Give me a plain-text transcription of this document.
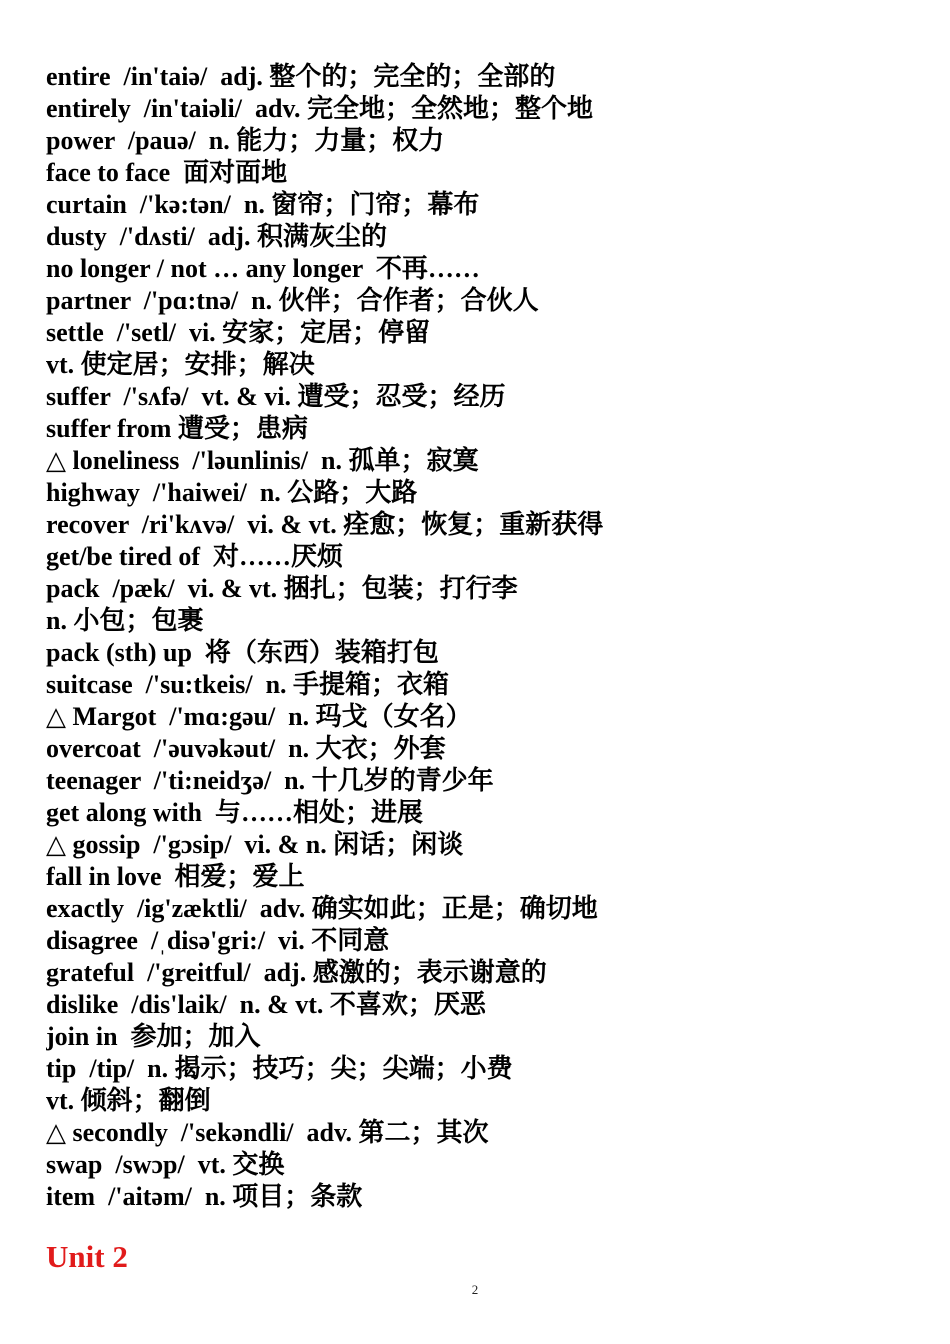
entire  /in'taiə/  adj. 整个的；完全的；全部的
entirely  /in'taiəli/  adv. 完全地；全然地；整个地
power  /pauə/  n. 能力；力量；权力
face to face  面对面地
curtain  /'kə:tən/  n. 窗帘；门帘；幕布
dusty  /'dʌsti/  adj. 积满灰尘的
no longer / not … any longer  不再……
partner  /'pɑ:tnə/  n. 伙伴；合作者；合伙人
settle  /'setl/  vi. 安家；定居；停留
vt. 使定居；安排；解决
suffer  /'sʌfə/  vt. & vi. 遭受；忍受；经历
suffer from 遭受；患病
△ loneliness  /'ləunlinis/  n. 孤单；寂寞
highway  /'haiwei/  n. 公路；大路
recover  /ri'kʌvə/  vi. & vt. 痊愈；恢复；重新获得
get/be tired of  对……厌烦
pack  /pæk/  vi. & vt. 捆扎；包装；打行李
n. 小包；包裹
pack (sth) up  将（东西）装箱打包
suitcase  /'su:tkeis/  n. 手提箱；衣箱
△ Margot  /'mɑ:gəu/  n. 玛戈（女名）
overcoat  /'əuvəkəut/  n. 大衣；外套
teenager  /'ti:neidʒə/  n. 十几岁的青少年
get along with  与……相处；进展
△ gossip  /'gɔsip/  vi. & n. 闲话；闲谈
fall in love  相爱；爱上
exactly  /ig'zæktli/  adv. 确实如此；正是；确切地
disagree  /ˌdisə'gri:/  vi. 不同意
grateful  /'greitful/  adj. 感激的；表示谢意的
dislike  /dis'laik/  n. & vt. 不喜欢；厌恶
join in  参加；加入
tip  /tip/  n. 揭示；技巧；尖；尖端；小费
vt. 倾斜；翻倒
△ secondly  /'sekəndli/  adv. 第二；其次
swap  /swɔp/  vt. 交换
item  /'aitəm/  n. 项目；条款
Unit 2
2
